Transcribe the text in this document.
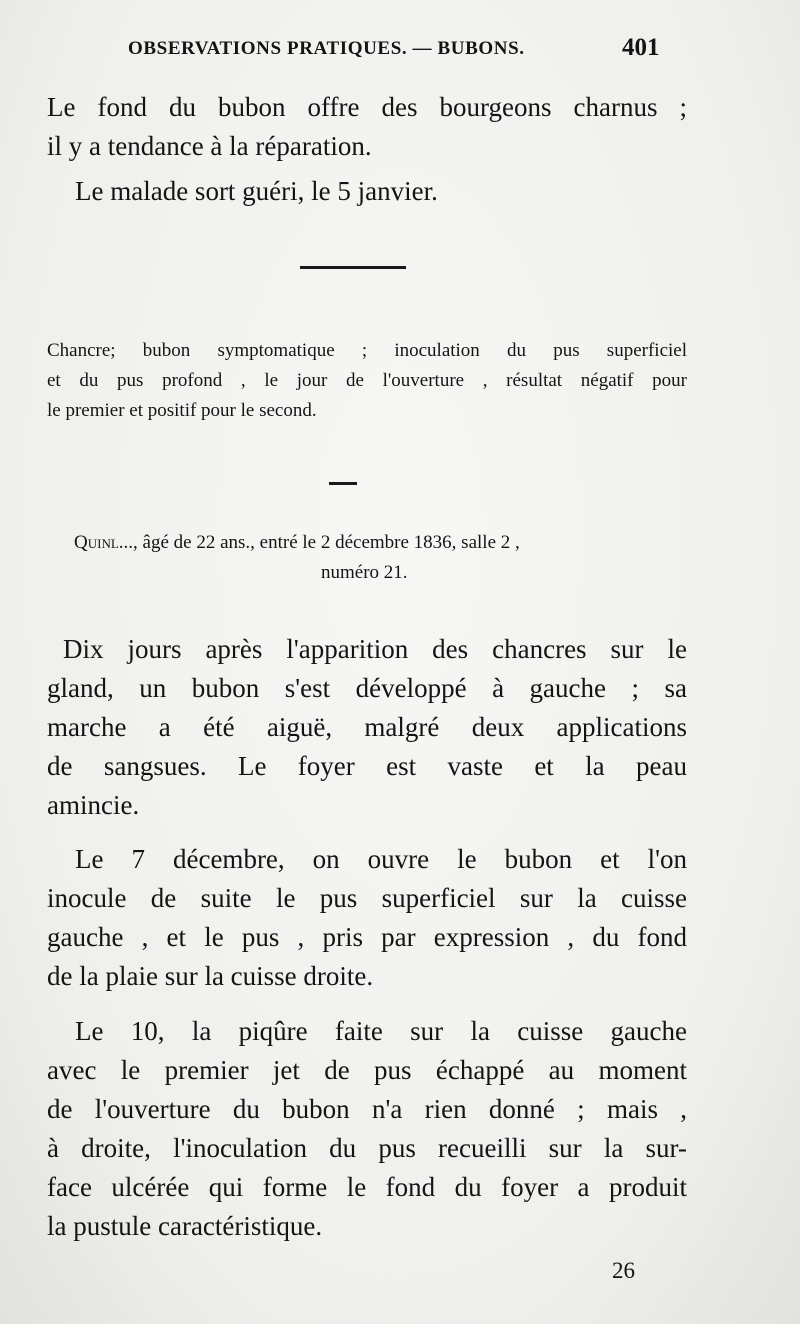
OBSERVATIONS PRATIQUES. — BUBONS.	401
Le fond du bubon offre des bourgeons charnus ;
il y a tendance à la réparation.
Le malade sort guéri, le 5 janvier.
Chancre; bubon symptomatique ; inoculation du pus superficiel
et du pus profond , le jour de l'ouverture , résultat négatif pour
le premier et positif pour le second.
Quinl..., âgé de 22 ans., entré le 2 décembre 1836, salle 2 ,
numéro 21.
Dix jours après l'apparition des chancres sur le
gland, un bubon s'est développé à gauche ; sa
marche a été aiguë, malgré deux applications
de sangsues. Le foyer est vaste et la peau
amincie.
Le 7 décembre, on ouvre le bubon et l'on
inocule de suite le pus superficiel sur la cuisse
gauche , et le pus , pris par expression , du fond
de la plaie sur la cuisse droite.
Le 10, la piqûre faite sur la cuisse gauche
avec le premier jet de pus échappé au moment
de l'ouverture du bubon n'a rien donné ; mais ,
à droite, l'inoculation du pus recueilli sur la sur-
face ulcérée qui forme le fond du foyer a produit
la pustule caractéristique.
26
